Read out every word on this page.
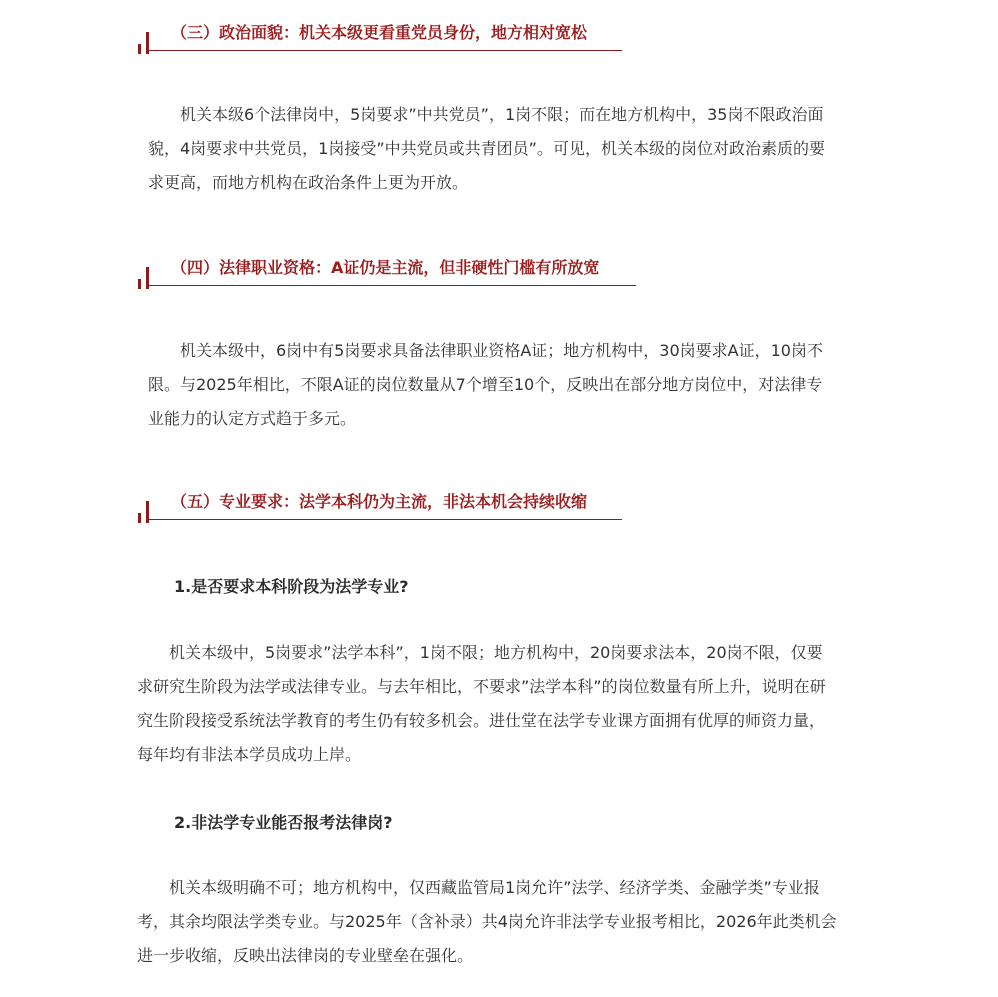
（三）政治面貌：机关本级更看重党员身份，地方相对宽松

机关本级6个法律岗中，5岗要求”中共党员”，1岗不限；而在地方机构中，35岗不限政治面貌，4岗要求中共党员，1岗接受”中共党员或共青团员”。可见，机关本级的岗位对政治素质的要求更高，而地方机构在政治条件上更为开放。

（四）法律职业资格：A证仍是主流，但非硬性门槛有所放宽

机关本级中，6岗中有5岗要求具备法律职业资格A证；地方机构中，30岗要求A证，10岗不限。与2025年相比，不限A证的岗位数量从7个增至10个，反映出在部分地方岗位中，对法律专业能力的认定方式趋于多元。

（五）专业要求：法学本科仍为主流，非法本机会持续收缩
1.是否要求本科阶段为法学专业?

机关本级中，5岗要求”法学本科”，1岗不限；地方机构中，20岗要求法本，20岗不限，仅要求研究生阶段为法学或法律专业。与去年相比，不要求”法学本科”的岗位数量有所上升，说明在研究生阶段接受系统法学教育的考生仍有较多机会。进仕堂在法学专业课方面拥有优厚的师资力量，每年均有非法本学员成功上岸。

2.非法学专业能否报考法律岗?

机关本级明确不可；地方机构中，仅西藏监管局1岗允许”法学、经济学类、金融学类”专业报考，其余均限法学类专业。与2025年（含补录）共4岗允许非法学专业报考相比，2026年此类机会进一步收缩，反映出法律岗的专业壁垒在强化。
